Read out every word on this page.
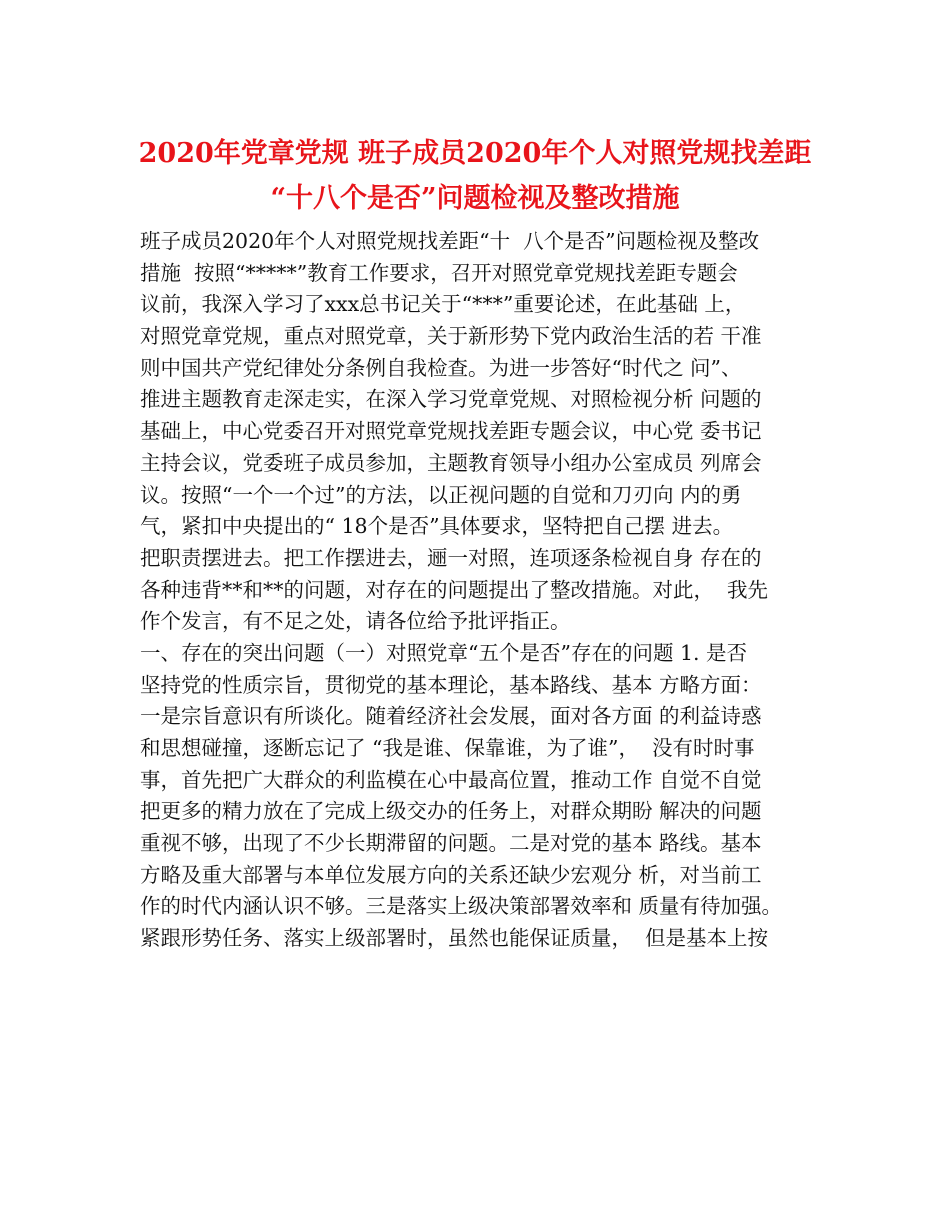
2020年党章党规 班子成员2020年个人对照党规找差距
“十八个是否”问题检视及整改措施
班子成员2020年个人对照党规找差距“十  八个是否”问题检视及整改
措施  按照“*****”教育工作要求，召开对照党章党规找差距专题会
议前，我深入学习了xxx总书记关于“***”重要论述，在此基础 上，
对照党章党规，重点对照党章，关于新形势下党内政治生活的若 干准
则中国共产党纪律处分条例自我检查。为进一步答好“时代之 问”、
推进主题教育走深走实，在深入学习党章党规、对照检视分析 问题的
基础上，中心党委召开对照党章党规找差距专题会议，中心党 委书记
主持会议，党委班子成员参加，主题教育领导小组办公室成员 列席会
议。按照“一个一个过”的方法，以正视问题的自觉和刀刃向 内的勇
气，紧扣中央提出的“ 18个是否”具体要求，坚特把自己摆 进去。
把职责摆进去。把工作摆进去，逦一对照，连项逐条检视自身 存在的
各种违背**和**的问题，对存在的问题提出了整改措施。对此，  我先
作个发言，有不足之处，请各位给予批评指正。
一、存在的突出问题（一）对照党章“五个是否”存在的问题 1. 是否
坚持党的性质宗旨，贯彻党的基本理论，基本路线、基本 方略方面：
一是宗旨意识有所谈化。随着经济社会发展，面对各方面 的利益诗惑
和思想碰撞，逐断忘记了 “我是谁、保靠谁，为了谁”，  没有时时事
事，首先把广大群众的利监模在心中最高位置，推动工作 自觉不自觉
把更多的精力放在了完成上级交办的任务上，对群众期盼 解决的问题
重视不够，出现了不少长期滞留的问题。二是对党的基本 路线。基本
方略及重大部署与本单位发展方向的关系还缺少宏观分 析，对当前工
作的时代内涵认识不够。三是落实上级决策部署效率和 质量有待加强。
紧跟形势任务、落实上级部署时，虽然也能保证质量，  但是基本上按
